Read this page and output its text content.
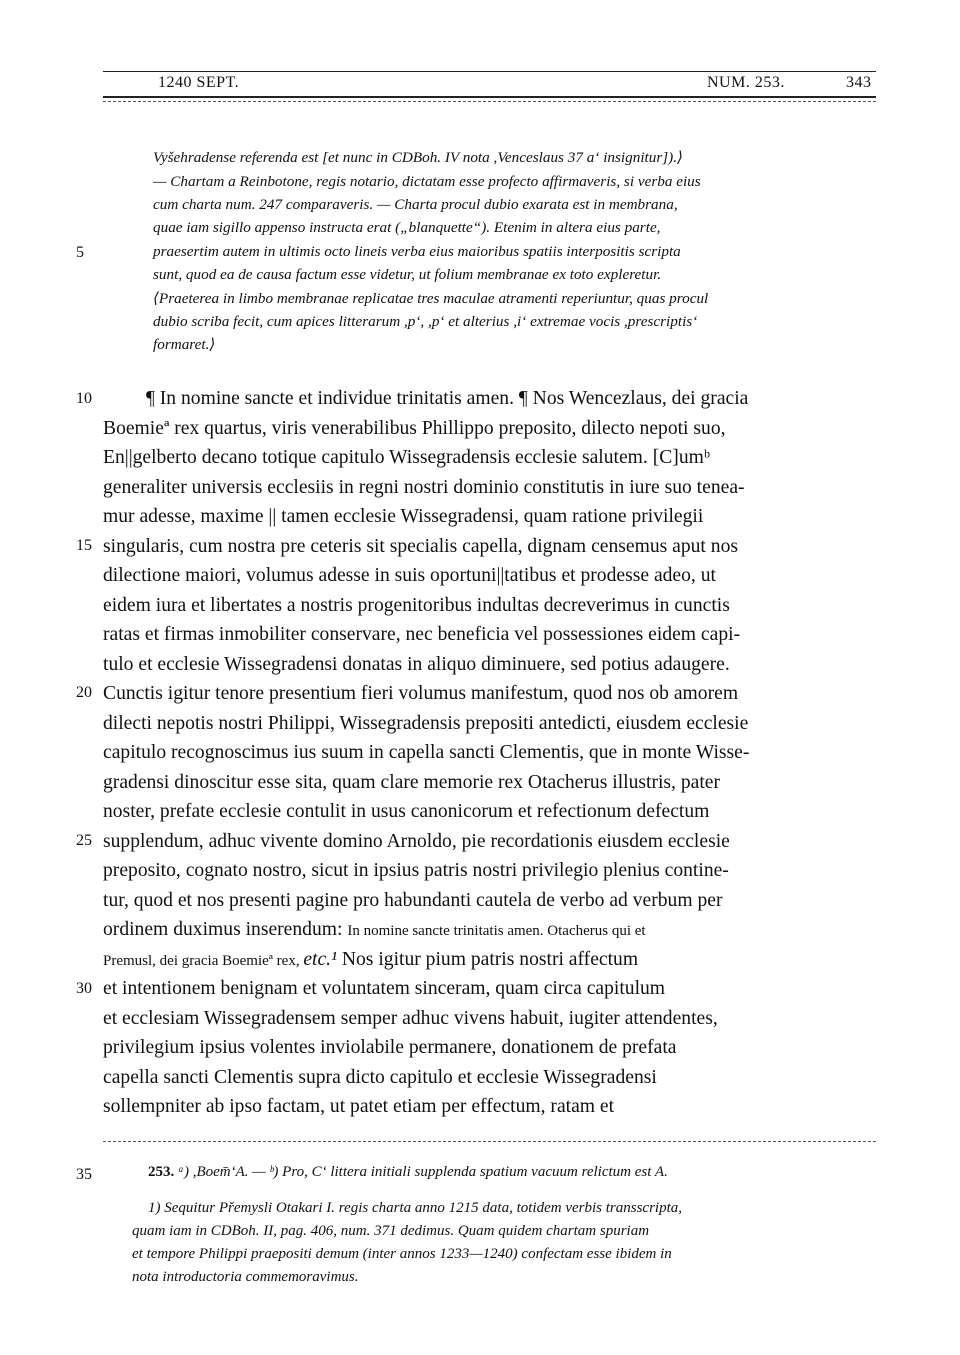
1240 SEPT.	NUM. 253.	343
Vyšehradense referenda est [et nunc in CDBoh. IV nota ,Venceslaus 37 a‘ insignitur]).⟩
— Chartam a Reinbotone, regis notario, dictatam esse profecto affirmaveris, si verba eius
cum charta num. 247 comparaveris. — Charta procul dubio exarata est in membrana,
quae iam sigillo appenso instructa erat („blanquette“). Etenim in altera eius parte,
praesertim autem in ultimis octo lineis verba eius maioribus spatiis interpositis scripta
sunt, quod ea de causa factum esse videtur, ut folium membranae ex toto expleretur.
⟨Praeterea in limbo membranae replicatae tres maculae atramenti reperiuntur, quas procul
dubio scriba fecit, cum apices litterarum ,p‘, ,p‘ et alterius ,i‘ extremae vocis ,prescriptis‘
formaret.⟩
5
10
15
20
25
30
35
¶ In nomine sancte et individue trinitatis amen. ¶ Nos Wencezlaus, dei gracia
Boemieª rex quartus, viris venerabilibus Phillippo preposito, dilecto nepoti suo,
En||gelberto decano totique capitulo Wissegradensis ecclesie salutem. [C]umᵇ
generaliter universis ecclesiis in regni nostri dominio constitutis in iure suo tenea-
mur adesse, maxime || tamen ecclesie Wissegradensi, quam ratione privilegii
singularis, cum nostra pre ceteris sit specialis capella, dignam censemus aput nos
dilectione maiori, volumus adesse in suis oportuni||tatibus et prodesse adeo, ut
eidem iura et libertates a nostris progenitoribus indultas decreverimus in cunctis
ratas et firmas inmobiliter conservare, nec beneficia vel possessiones eidem capi-
tulo et ecclesie Wissegradensi donatas in aliquo diminuere, sed potius adaugere.
Cunctis igitur tenore presentium fieri volumus manifestum, quod nos ob amorem
dilecti nepotis nostri Philippi, Wissegradensis prepositi antedicti, eiusdem ecclesie
capitulo recognoscimus ius suum in capella sancti Clementis, que in monte Wisse-
gradensi dinoscitur esse sita, quam clare memorie rex Otacherus illustris, pater
noster, prefate ecclesie contulit in usus canonicorum et refectionum defectum
supplendum, adhuc vivente domino Arnoldo, pie recordationis eiusdem ecclesie
preposito, cognato nostro, sicut in ipsius patris nostri privilegio plenius contine-
tur, quod et nos presenti pagine pro habundanti cautela de verbo ad verbum per
ordinem duximus inserendum: In nomine sancte trinitatis amen. Otacherus qui et
Premusl, dei gracia Boemieª rex, etc.¹ Nos igitur pium patris nostri affectum
et intentionem benignam et voluntatem sinceram, quam circa capitulum
et ecclesiam Wissegradensem semper adhuc vivens habuit, iugiter attendentes,
privilegium ipsius volentes inviolabile permanere, donationem de prefata
capella sancti Clementis supra dicto capitulo et ecclesie Wissegradensi
sollempniter ab ipso factam, ut patet etiam per effectum, ratam et
253. ᵃ) ,Boem̄‘A. — ᵇ) Pro, C‘ littera initiali supplenda spatium vacuum relictum est A.
1) Sequitur Přemysli Otakari I. regis charta anno 1215 data, totidem verbis transscripta,
quam iam in CDBoh. II, pag. 406, num. 371 dedimus. Quam quidem chartam spuriam
et tempore Philippi praepositi demum (inter annos 1233—1240) confectam esse ibidem in
nota introductoria commemoravimus.
